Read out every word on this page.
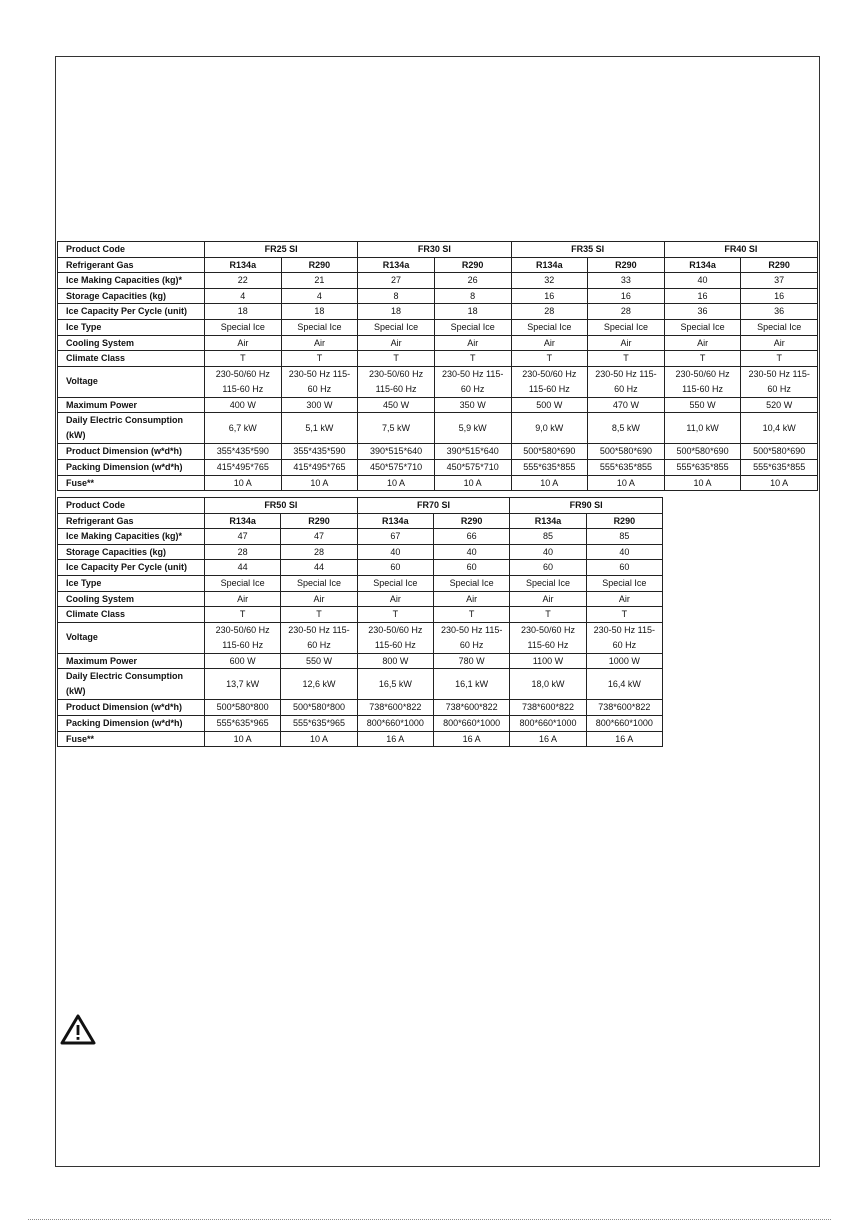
Product Code	FR25 SI		FR30 SI		FR35 SI		FR40 SI	
Refrigerant Gas	R134a	R290	R134a	R290	R134a	R290	R134a	R290
Ice Making Capacities (kg)*	22	21	27	26	32	33	40	37
Storage Capacities (kg)	4	4	8	8	16	16	16	16
Ice Capacity Per Cycle (unit)	18	18	18	18	28	28	36	36
Ice Type	Special Ice	Special Ice	Special Ice	Special Ice	Special Ice	Special Ice	Special Ice	Special Ice
Cooling System	Air	Air	Air	Air	Air	Air	Air	Air
Climate Class	T	T	T	T	T	T	T	T
Voltage	230-50/60 Hz 115-60 Hz	230-50 Hz 115-60 Hz	230-50/60 Hz 115-60 Hz	230-50 Hz 115-60 Hz	230-50/60 Hz 115-60 Hz	230-50 Hz 115-60 Hz	230-50/60 Hz 115-60 Hz	230-50 Hz 115-60 Hz
Maximum Power	400 W	300 W	450 W	350 W	500 W	470 W	550 W	520 W
Daily Electric Consumption (kW)	6,7 kW	5,1 kW	7,5 kW	5,9 kW	9,0 kW	8,5 kW	11,0 kW	10,4 kW
Product Dimension (w*d*h)	355*435*590	355*435*590	390*515*640	390*515*640	500*580*690	500*580*690	500*580*690	500*580*690
Packing Dimension (w*d*h)	415*495*765	415*495*765	450*575*710	450*575*710	555*635*855	555*635*855	555*635*855	555*635*855
Fuse**	10 A	10 A	10 A	10 A	10 A	10 A	10 A	10 A
Product Code	FR50 SI		FR70 SI		FR90 SI	
Refrigerant Gas	R134a	R290	R134a	R290	R134a	R290
Ice Making Capacities (kg)*	47	47	67	66	85	85
Storage Capacities (kg)	28	28	40	40	40	40
Ice Capacity Per Cycle (unit)	44	44	60	60	60	60
Ice Type	Special Ice	Special Ice	Special Ice	Special Ice	Special Ice	Special Ice
Cooling System	Air	Air	Air	Air	Air	Air
Climate Class	T	T	T	T	T	T
Voltage	230-50/60 Hz 115-60 Hz	230-50 Hz 115-60 Hz	230-50/60 Hz 115-60 Hz	230-50 Hz 115-60 Hz	230-50/60 Hz 115-60 Hz	230-50 Hz 115-60 Hz
Maximum Power	600 W	550 W	800 W	780 W	1100 W	1000 W
Daily Electric Consumption (kW)	13,7 kW	12,6 kW	16,5 kW	16,1 kW	18,0 kW	16,4 kW
Product Dimension (w*d*h)	500*580*800	500*580*800	738*600*822	738*600*822	738*600*822	738*600*822
Packing Dimension (w*d*h)	555*635*965	555*635*965	800*660*1000	800*660*1000	800*660*1000	800*660*1000
Fuse**	10 A	10 A	16 A	16 A	16 A	16 A
